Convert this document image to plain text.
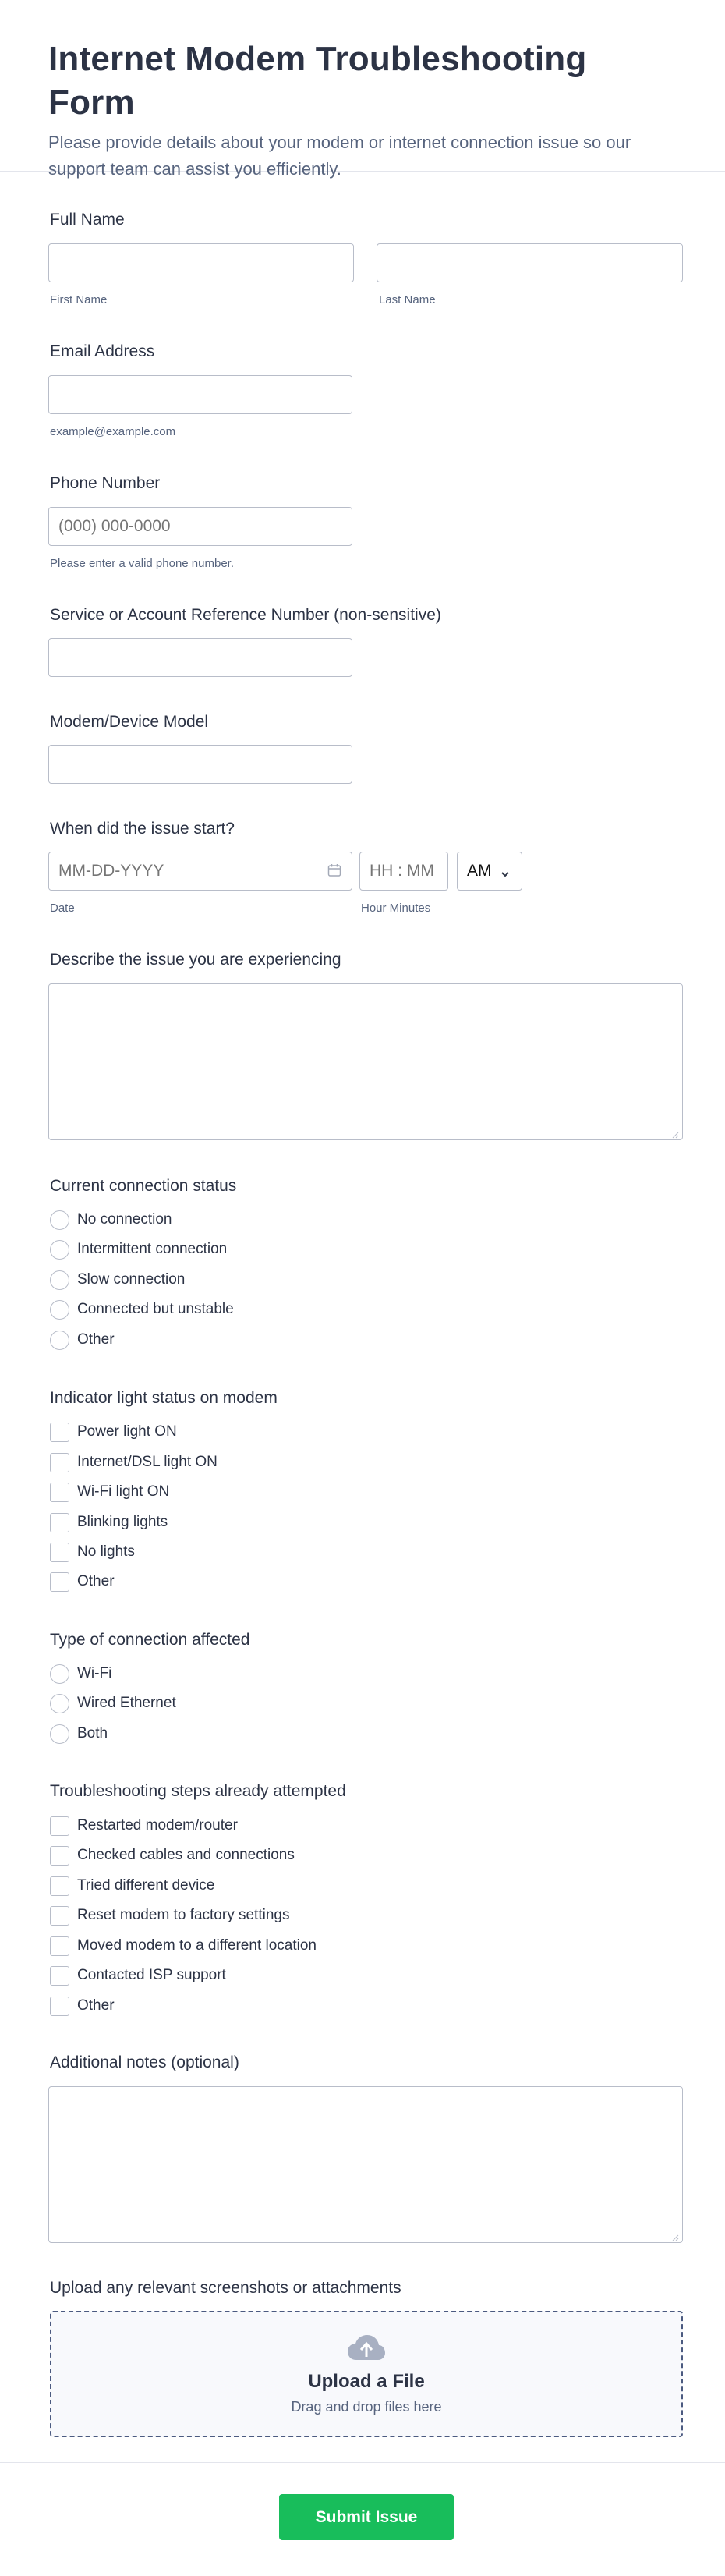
Internet Modem Troubleshooting Form

Please provide details about your modem or internet connection issue so our support team can assist you efficiently.

Full Name
First Name	Last Name
Email Address
example@example.com
Phone Number
(000) 000-0000
Please enter a valid phone number.
Service or Account Reference Number (non-sensitive)
Modem/Device Model
When did the issue start?
MM-DD-YYYY
HH : MM
AM
Date	Hour Minutes
Describe the issue you are experiencing
Current connection status
No connection
Intermittent connection
Slow connection
Connected but unstable
Other
Indicator light status on modem
Power light ON
Internet/DSL light ON
Wi-Fi light ON
Blinking lights
No lights
Other
Type of connection affected
Wi-Fi
Wired Ethernet
Both
Troubleshooting steps already attempted
Restarted modem/router
Checked cables and connections
Tried different device
Reset modem to factory settings
Moved modem to a different location
Contacted ISP support
Other
Additional notes (optional)
Upload any relevant screenshots or attachments
Upload a File
Drag and drop files here
Submit Issue
